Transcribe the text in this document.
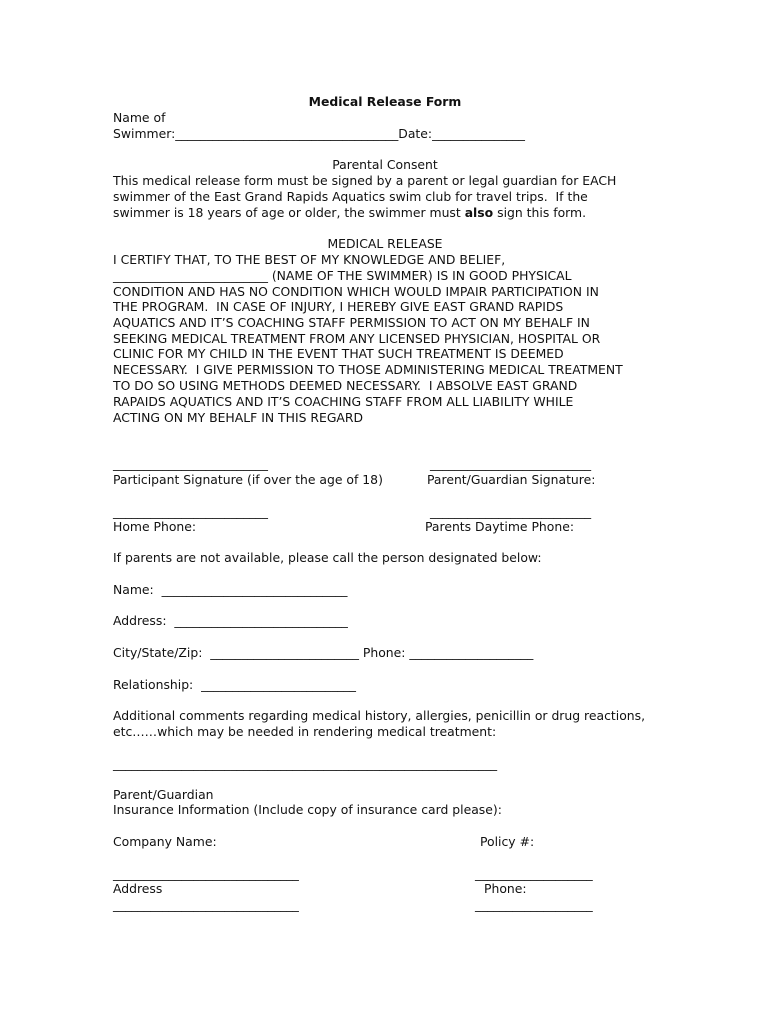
Medical Release Form
Name of
Swimmer:____________________________________Date:_______________
Parental Consent
This medical release form must be signed by a parent or legal guardian for EACH
swimmer of the East Grand Rapids Aquatics swim club for travel trips.  If the
swimmer is 18 years of age or older, the swimmer must also sign this form.
MEDICAL RELEASE
I CERTIFY THAT, TO THE BEST OF MY KNOWLEDGE AND BELIEF,
_________________________ (NAME OF THE SWIMMER) IS IN GOOD PHYSICAL
CONDITION AND HAS NO CONDITION WHICH WOULD IMPAIR PARTICIPATION IN
THE PROGRAM.  IN CASE OF INJURY, I HEREBY GIVE EAST GRAND RAPIDS
AQUATICS AND IT’S COACHING STAFF PERMISSION TO ACT ON MY BEHALF IN
SEEKING MEDICAL TREATMENT FROM ANY LICENSED PHYSICIAN, HOSPITAL OR
CLINIC FOR MY CHILD IN THE EVENT THAT SUCH TREATMENT IS DEEMED
NECESSARY.  I GIVE PERMISSION TO THOSE ADMINISTERING MEDICAL TREATMENT
TO DO SO USING METHODS DEEMED NECESSARY.  I ABSOLVE EAST GRAND
RAPAIDS AQUATICS AND IT’S COACHING STAFF FROM ALL LIABILITY WHILE
ACTING ON MY BEHALF IN THIS REGARD
_________________________	__________________________
Participant Signature (if over the age of 18)	Parent/Guardian Signature:
_________________________	__________________________
Home Phone:	Parents Daytime Phone:
If parents are not available, please call the person designated below:
Name:  ______________________________
Address:  ____________________________
City/State/Zip:  ________________________ Phone: ____________________
Relationship:  _________________________
Additional comments regarding medical history, allergies, penicillin or drug reactions,
etc……which may be needed in rendering medical treatment:
______________________________________________________________
Parent/Guardian
Insurance Information (Include copy of insurance card please):
Company Name:	Policy #:
______________________________	___________________
Address	Phone:
______________________________	___________________
